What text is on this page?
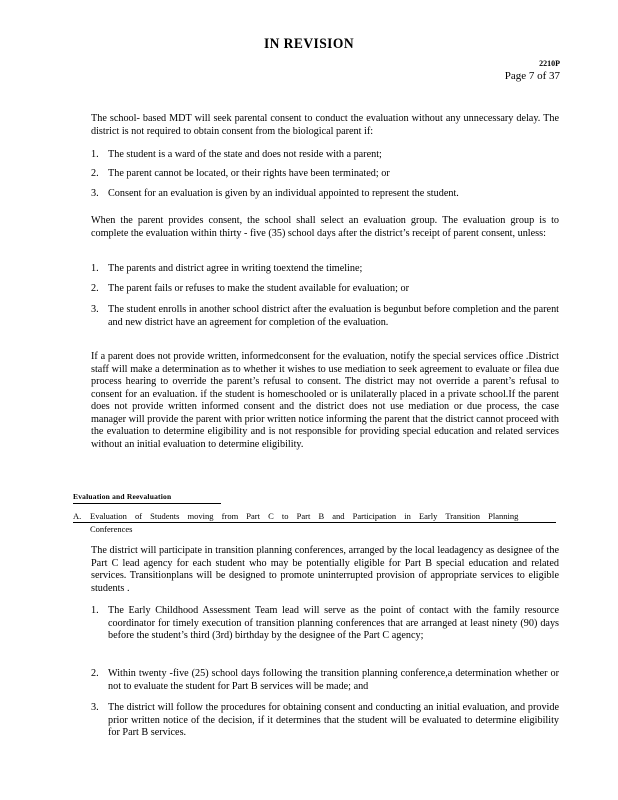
IN REVISION
2210P
Page 7 of 37
The school- based MDT will seek parental consent to conduct the evaluation without any unnecessary delay. The district is not required to obtain consent from the biological parent if:
1. The student is a ward of the state and does not reside with a parent;
2. The parent cannot be located, or their rights have been terminated; or
3. Consent for an evaluation is given by an individual appointed to represent the student.
When the parent provides consent, the school shall select an evaluation group. The evaluation group is to complete the evaluation within thirty - five (35) school days after the district’s receipt of parent consent, unless:
1. The parents and district agree in writing toextend the timeline;
2. The parent fails or refuses to make the student available for evaluation; or
3. The student enrolls in another school district after the evaluation is begunbut before completion and the parent and new district have an agreement for completion of the evaluation.
If a parent does not provide written, informedconsent for the evaluation, notify the special services office .District staff will make a determination as to whether it wishes to use mediation to seek agreement to evaluate or filea due process hearing to override the parent’s refusal to consent. The district may not override a parent’s refusal to consent for an evaluation. if the student is homeschooled or is unilaterally placed in a private school.If the parent does not provide written informed consent and the district does not use mediation or due process, the case manager will provide the parent with prior written notice informing the parent that the district cannot proceed with the evaluation to determine eligibility and is not responsible for providing special education and related services without an initial evaluation to determine eligibility.
Evaluation and Reevaluation
A.	Evaluation of Students moving from Part C to Part B and Participation in Early Transition Planning Conferences
The district will participate in transition planning conferences, arranged by the local leadagency as designee of the Part C lead agency for each student who may be potentially eligible for Part B special education and related services. Transitionplans will be designed to promote uninterrupted provision of appropriate services to eligible students .
1. The Early Childhood Assessment Team lead will serve as the point of contact with the family resource coordinator for timely execution of transition planning conferences that are arranged at least ninety (90) days before the student’s third (3rd) birthday by the designee of the Part C agency;
2. Within twenty -five (25) school days following the transition planning conference,a determination whether or not to evaluate the student for Part B services will be made; and
3. The district will follow the procedures for obtaining consent and conducting an initial evaluation, and provide prior written notice of the decision, if it determines that the student will be evaluated to determine eligibility for Part B services.
